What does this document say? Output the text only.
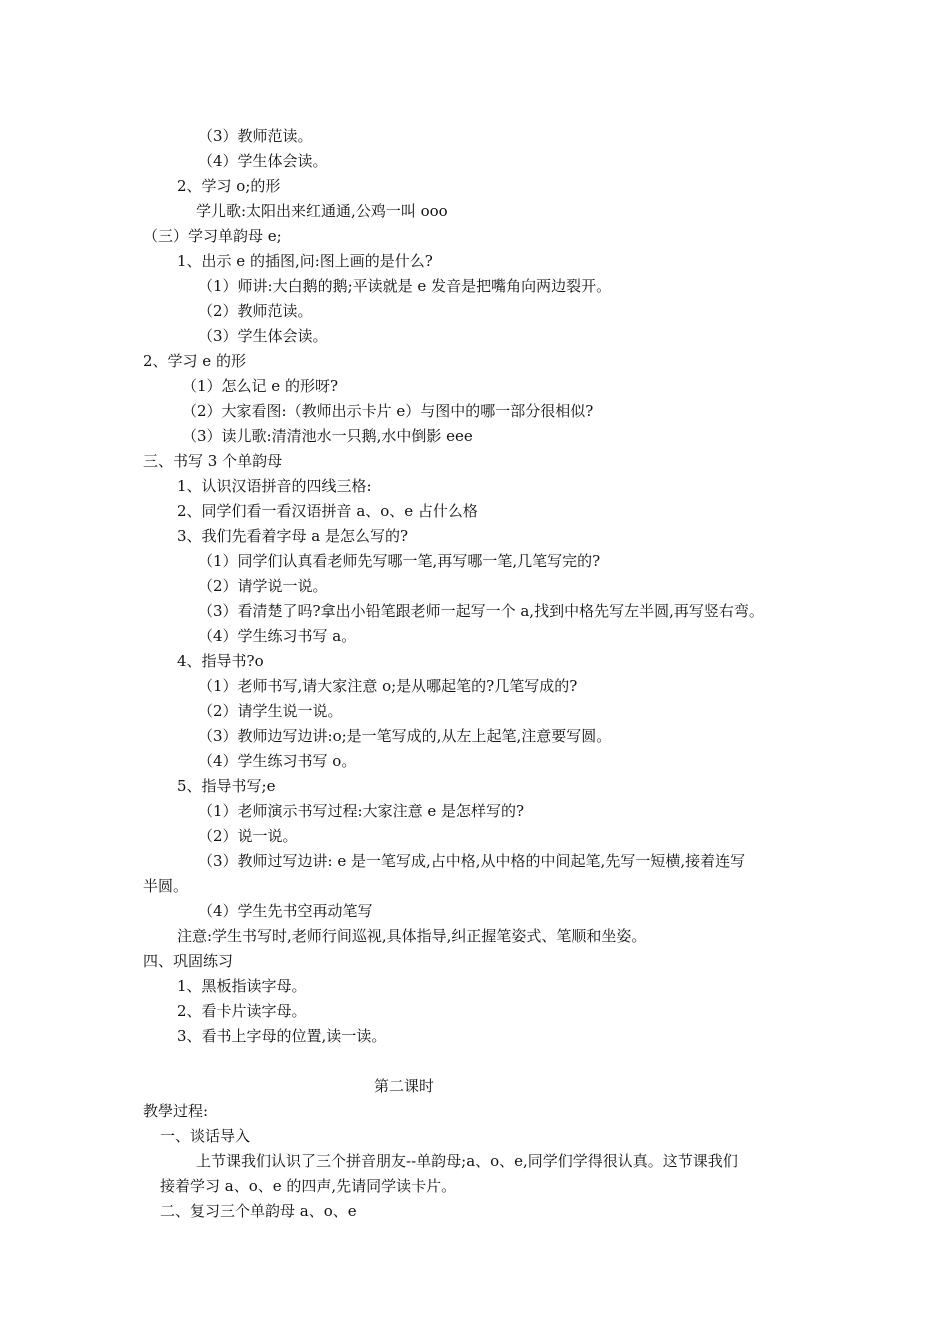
（3）教师范读。
（4）学生体会读。
2、学习 o;的形
学儿歌:太阳出来红通通,公鸡一叫 ooo
（三）学习单韵母 e;
1、出示 e 的插图,问:图上画的是什么?
（1）师讲:大白鹅的鹅;平读就是 e 发音是把嘴角向两边裂开。
（2）教师范读。
（3）学生体会读。
2、学习 e 的形
（1）怎么记 e 的形呀?
（2）大家看图:（教师出示卡片 e）与图中的哪一部分很相似?
（3）读儿歌:清清池水一只鹅,水中倒影 eee
三、书写 3 个单韵母
1、认识汉语拼音的四线三格:
2、同学们看一看汉语拼音 a、o、e 占什么格
3、我们先看着字母 a 是怎么写的?
（1）同学们认真看老师先写哪一笔,再写哪一笔,几笔写完的?
（2）请学说一说。
（3）看清楚了吗?拿出小铅笔跟老师一起写一个 a,找到中格先写左半圆,再写竖右弯。
（4）学生练习书写 a。
4、指导书?o
（1）老师书写,请大家注意 o;是从哪起笔的?几笔写成的?
（2）请学生说一说。
（3）教师边写边讲:o;是一笔写成的,从左上起笔,注意要写圆。
（4）学生练习书写 o。
5、指导书写;e
（1）老师演示书写过程:大家注意 e 是怎样写的?
（2）说一说。
（3）教师过写边讲: e 是一笔写成,占中格,从中格的中间起笔,先写一短横,接着连写
半圆。
（4）学生先书空再动笔写
注意:学生书写时,老师行间巡视,具体指导,纠正握笔姿式、笔顺和坐姿。
四、巩固练习
1、黑板指读字母。
2、看卡片读字母。
3、看书上字母的位置,读一读。
第二课时
教學过程:
一、谈话导入
上节课我们认识了三个拼音朋友--单韵母;a、o、e,同学们学得很认真。这节课我们
接着学习 a、o、e 的四声,先请同学读卡片。
二、复习三个单韵母 a、o、e
